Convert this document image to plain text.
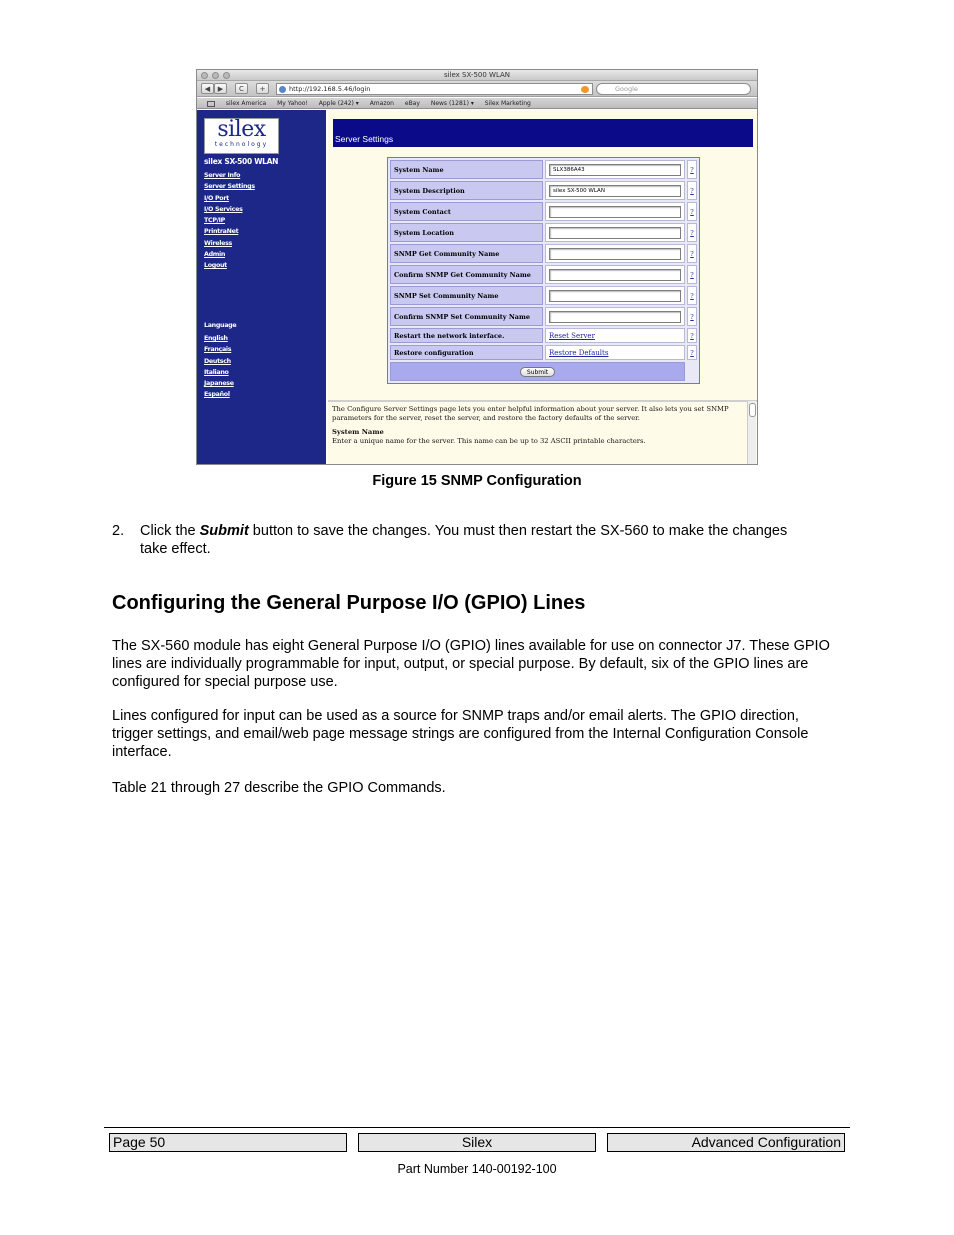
silex SX-500 WLAN
◀	▶	C	+	http://192.168.5.46/login	Google
silex America My Yahoo! Apple (242) ▾ Amazon eBay News (1281) ▾ Silex Marketing
silex
technology
silex SX-500 WLAN
Server Info
Server Settings
I/O Port
I/O Services
TCP/IP
PrintraNet
Wireless
Admin
Logout
Language
English
Français
Deutsch
Italiano
Japanese
Español
Server Settings
System Name	SLX386A43	?
System Description	silex SX-500 WLAN	?
System Contact		?
System Location		?
SNMP Get Community Name		?
Confirm SNMP Get Community Name		?
SNMP Set Community Name		?
Confirm SNMP Set Community Name		?
Restart the network interface.	Reset Server	?
Restore configuration	Restore Defaults	?
Submit		
The Configure Server Settings page lets you enter helpful information about your server. It also lets you set SNMP parameters for the server, reset the server, and restore the factory defaults of the server.
System Name
Enter a unique name for the server. This name can be up to 32 ASCII printable characters.
Figure 15 SNMP Configuration
2. Click the Submit button to save the changes. You must then restart the SX-560 to make the changes take effect.
Configuring the General Purpose I/O (GPIO) Lines

The SX-560 module has eight General Purpose I/O (GPIO) lines available for use on connector J7. These GPIO lines are individually programmable for input, output, or special purpose. By default, six of the GPIO lines are configured for special purpose use.

Lines configured for input can be used as a source for SNMP traps and/or email alerts. The GPIO direction, trigger settings, and email/web page message strings are configured from the Internal Configuration Console interface.

Table 21 through 27 describe the GPIO Commands.

Page 50	Silex	Advanced Configuration
Part Number 140-00192-100
